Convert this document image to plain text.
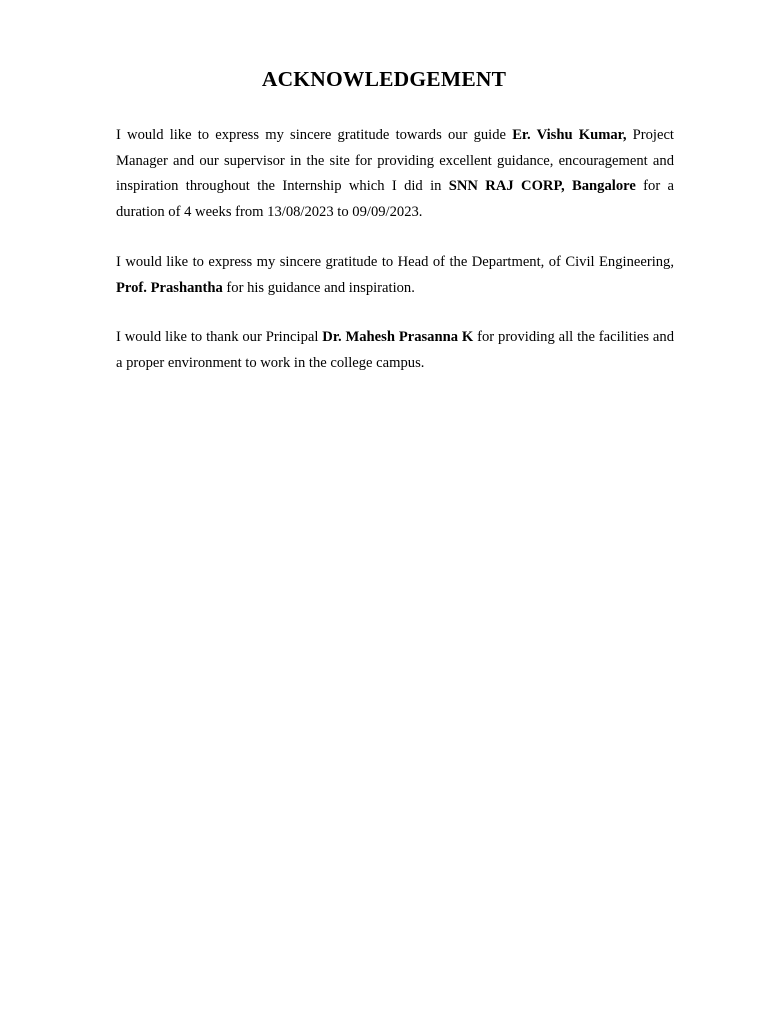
ACKNOWLEDGEMENT

I would like to express my sincere gratitude towards our guide Er. Vishu Kumar, Project Manager and our supervisor in the site for providing excellent guidance, encouragement and inspiration throughout the Internship which I did in SNN RAJ CORP, Bangalore for a duration of 4 weeks from 13/08/2023 to 09/09/2023.

I would like to express my sincere gratitude to Head of the Department, of Civil Engineering, Prof. Prashantha for his guidance and inspiration.

I would like to thank our Principal Dr. Mahesh Prasanna K for providing all the facilities and a proper environment to work in the college campus.
